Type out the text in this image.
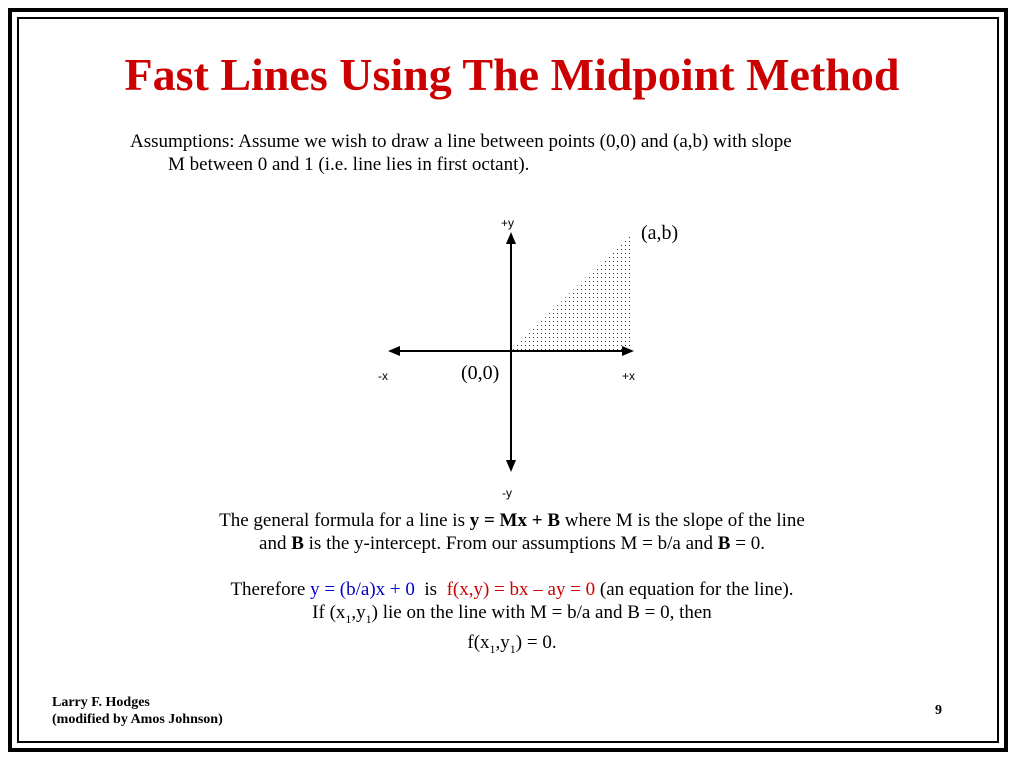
Fast Lines Using The Midpoint Method
Assumptions: Assume we wish to draw a line between points (0,0) and (a,b) with slope
M between 0 and 1 (i.e. line lies in first octant).
+y
-y
-x	+x
(0,0)
(a,b)
The general formula for a line is y = Mx + B where M is the slope of the line
and B is the y-intercept. From our assumptions M = b/a and B = 0.
Therefore y = (b/a)x + 0  is  f(x,y) = bx – ay = 0 (an equation for the line).
If $(x_1,y_1)$ lie on the line with M = b/a and B = 0, then
$f(x_1,y_1) = 0$.
Larry F. Hodges
(modified by Amos Johnson)
9
